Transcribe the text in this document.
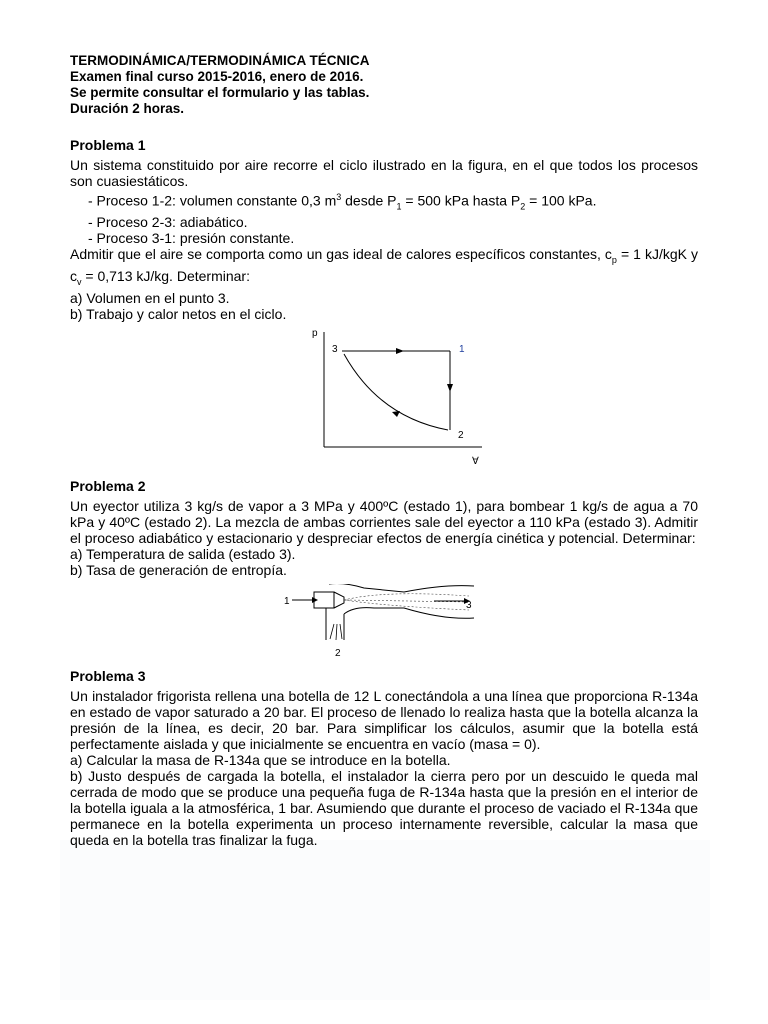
TERMODINÁMICA/TERMODINÁMICA TÉCNICA
Examen final curso 2015-2016, enero de 2016.
Se permite consultar el formulario y las tablas.
Duración 2 horas.
Problema 1
Un sistema constituido por aire recorre el ciclo ilustrado en la figura, en el que todos los procesos son cuasiestáticos.
- Proceso 1-2: volumen constante 0,3 $m^3$ desde $P_1 = 500$ kPa hasta $P_2 = 100$ kPa.
- Proceso 2-3: adiabático.
- Proceso 3-1: presión constante.
Admitir que el aire se comporta como un gas ideal de calores específicos constantes, $c_p = 1$ kJ/kgK y $c_v = 0,713$ kJ/kg. Determinar:
a) Volumen en el punto 3.
b) Trabajo y calor netos en el ciclo.
p
∀
3	1
2
Problema 2
Un eyector utiliza 3 kg/s de vapor a 3 MPa y 400ºC (estado 1), para bombear 1 kg/s de agua a 70 kPa y 40ºC (estado 2). La mezcla de ambas corrientes sale del eyector a 110 kPa (estado 3). Admitir el proceso adiabático y estacionario y despreciar efectos de energía cinética y potencial. Determinar:
a) Temperatura de salida (estado 3).
b) Tasa de generación de entropía.
1	3
2
Problema 3
Un instalador frigorista rellena una botella de 12 L conectándola a una línea que proporciona R-134a en estado de vapor saturado a 20 bar. El proceso de llenado lo realiza hasta que la botella alcanza la presión de la línea, es decir, 20 bar. Para simplificar los cálculos, asumir que la botella está perfectamente aislada y que inicialmente se encuentra en vacío (masa = 0).
a) Calcular la masa de R-134a que se introduce en la botella.
b) Justo después de cargada la botella, el instalador la cierra pero por un descuido le queda mal cerrada de modo que se produce una pequeña fuga de R-134a hasta que la presión en el interior de la botella iguala a la atmosférica, 1 bar. Asumiendo que durante el proceso de vaciado el R-134a que permanece en la botella experimenta un proceso internamente reversible, calcular la masa que queda en la botella tras finalizar la fuga.
